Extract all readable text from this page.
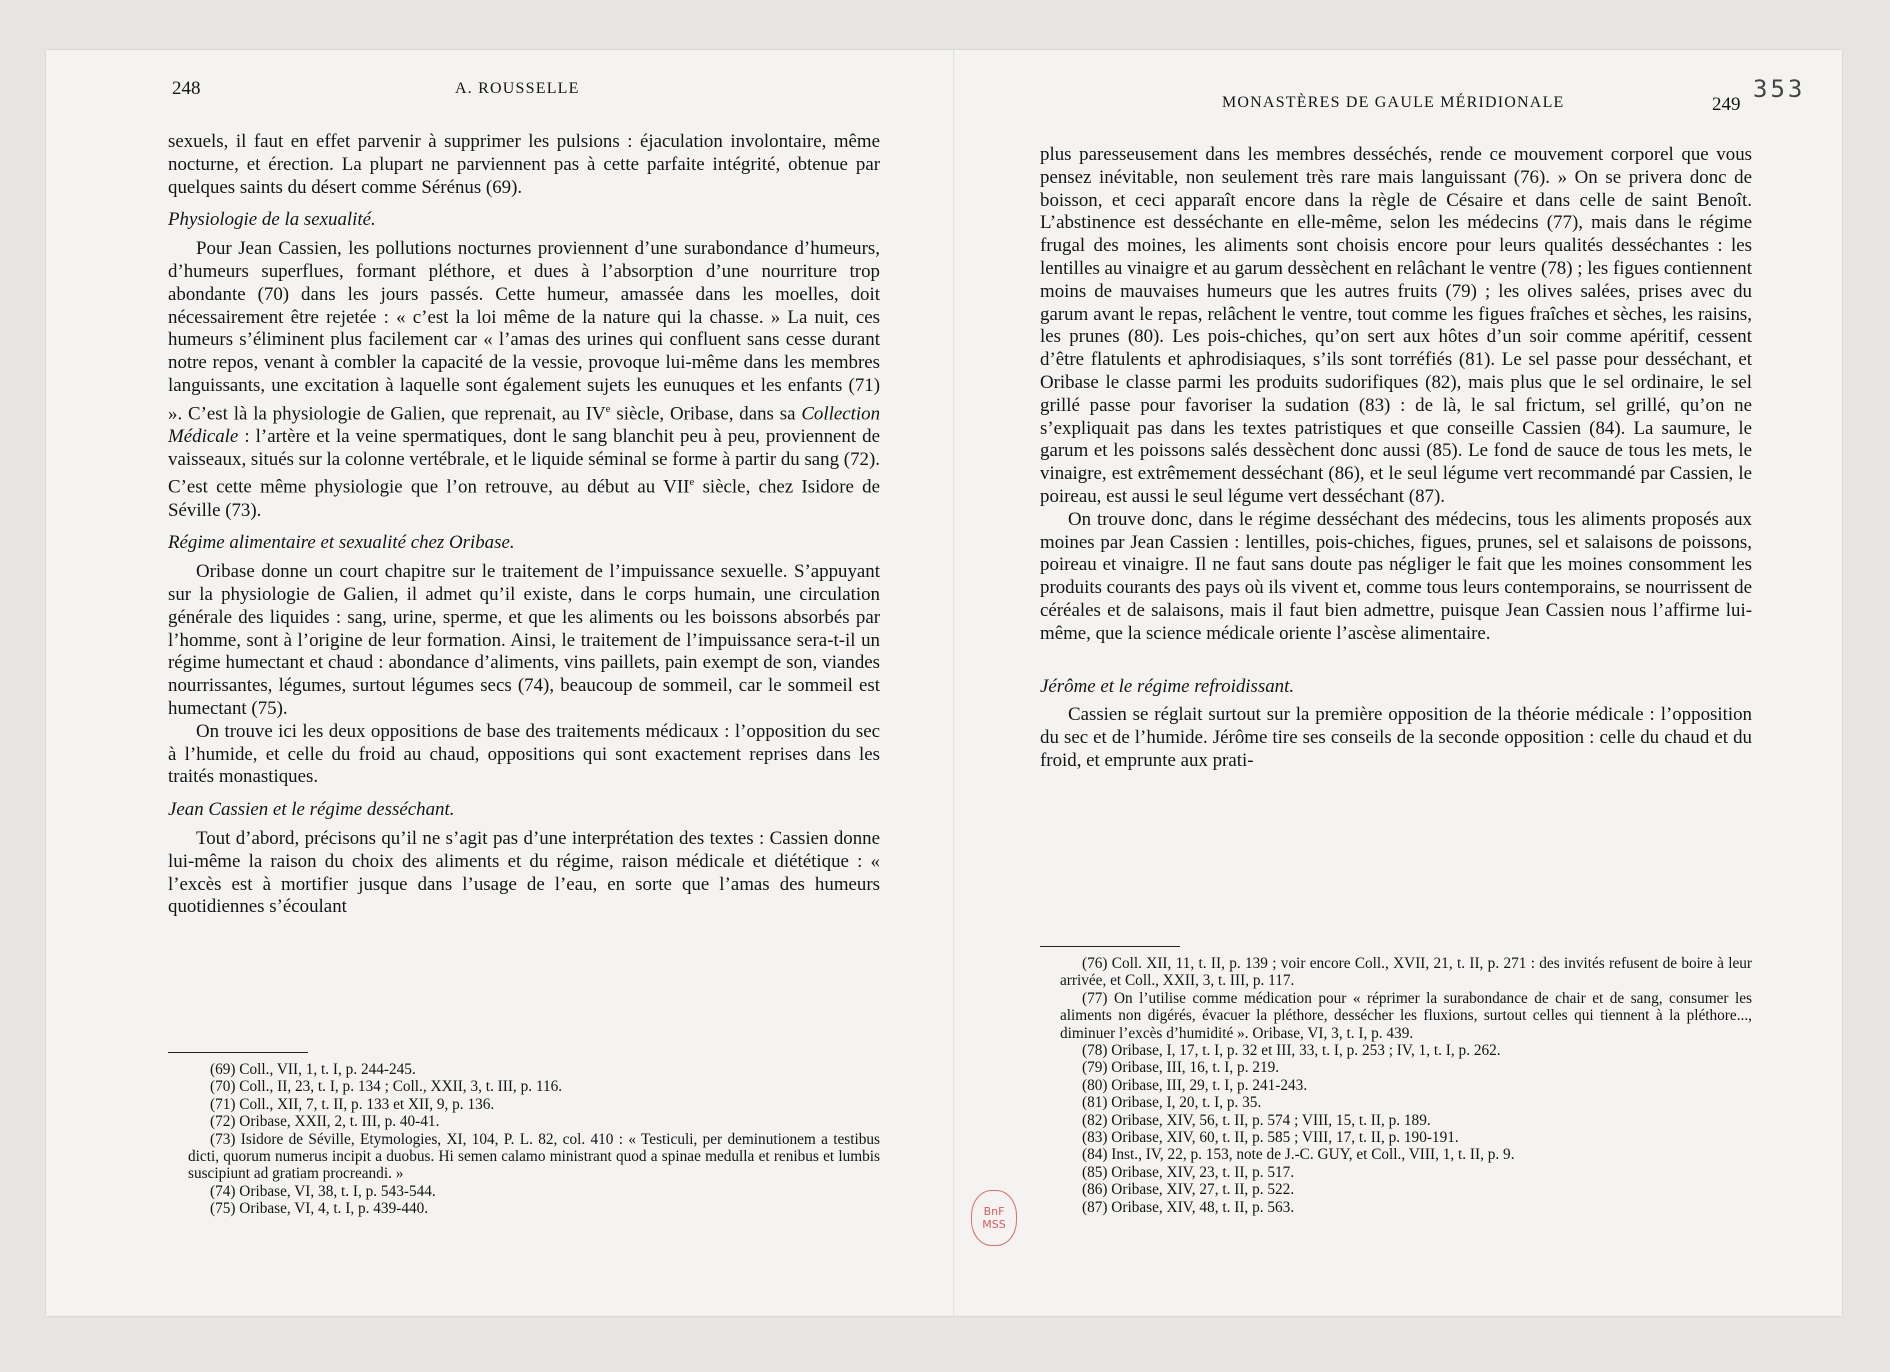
248	A. ROUSSELLE

sexuels, il faut en effet parvenir à supprimer les pulsions : éjaculation involontaire, même nocturne, et érection. La plupart ne parviennent pas à cette parfaite intégrité, obtenue par quelques saints du désert comme Sérénus (69).

Physiologie de la sexualité.

Pour Jean Cassien, les pollutions nocturnes proviennent d’une surabondance d’humeurs, d’humeurs superflues, formant pléthore, et dues à l’absorption d’une nourriture trop abondante (70) dans les jours passés. Cette humeur, amassée dans les moelles, doit nécessairement être rejetée : « c’est la loi même de la nature qui la chasse. » La nuit, ces humeurs s’éliminent plus facilement car « l’amas des urines qui confluent sans cesse durant notre repos, venant à combler la capacité de la vessie, provoque lui-même dans les membres languissants, une excitation à laquelle sont également sujets les eunuques et les enfants (71) ». C’est là la physiologie de Galien, que reprenait, au IVe siècle, Oribase, dans sa Collection Médicale : l’artère et la veine spermatiques, dont le sang blanchit peu à peu, proviennent de vaisseaux, situés sur la colonne vertébrale, et le liquide séminal se forme à partir du sang (72). C’est cette même physiologie que l’on retrouve, au début au VIIe siècle, chez Isidore de Séville (73).

Régime alimentaire et sexualité chez Oribase.

Oribase donne un court chapitre sur le traitement de l’impuissance sexuelle. S’appuyant sur la physiologie de Galien, il admet qu’il existe, dans le corps humain, une circulation générale des liquides : sang, urine, sperme, et que les aliments ou les boissons absorbés par l’homme, sont à l’origine de leur formation. Ainsi, le traitement de l’impuissance sera-t-il un régime humectant et chaud : abondance d’aliments, vins paillets, pain exempt de son, viandes nourrissantes, légumes, surtout légumes secs (74), beaucoup de sommeil, car le sommeil est humectant (75).

On trouve ici les deux oppositions de base des traitements médicaux : l’opposition du sec à l’humide, et celle du froid au chaud, oppositions qui sont exactement reprises dans les traités monastiques.

Jean Cassien et le régime desséchant.

Tout d’abord, précisons qu’il ne s’agit pas d’une interprétation des textes : Cassien donne lui-même la raison du choix des aliments et du régime, raison médicale et diététique : « l’excès est à mortifier jusque dans l’usage de l’eau, en sorte que l’amas des humeurs quotidiennes s’écoulant

(69) Coll., VII, 1, t. I, p. 244-245.

(70) Coll., II, 23, t. I, p. 134 ; Coll., XXII, 3, t. III, p. 116.

(71) Coll., XII, 7, t. II, p. 133 et XII, 9, p. 136.

(72) Oribase, XXII, 2, t. III, p. 40-41.

(73) Isidore de Séville, Etymologies, XI, 104, P. L. 82, col. 410 : « Testiculi, per deminutionem a testibus dicti, quorum numerus incipit a duobus. Hi semen calamo ministrant quod a spinae medulla et renibus et lumbis suscipiunt ad gratiam procreandi. »

(74) Oribase, VI, 38, t. I, p. 543-544.

(75) Oribase, VI, 4, t. I, p. 439-440.

MONASTÈRES DE GAULE MÉRIDIONALE	249
353

plus paresseusement dans les membres desséchés, rende ce mouvement corporel que vous pensez inévitable, non seulement très rare mais languissant (76). » On se privera donc de boisson, et ceci apparaît encore dans la règle de Césaire et dans celle de saint Benoît. L’abstinence est desséchante en elle-même, selon les médecins (77), mais dans le régime frugal des moines, les aliments sont choisis encore pour leurs qualités desséchantes : les lentilles au vinaigre et au garum dessèchent en relâchant le ventre (78) ; les figues contiennent moins de mauvaises humeurs que les autres fruits (79) ; les olives salées, prises avec du garum avant le repas, relâchent le ventre, tout comme les figues fraîches et sèches, les raisins, les prunes (80). Les pois-chiches, qu’on sert aux hôtes d’un soir comme apéritif, cessent d’être flatulents et aphrodisiaques, s’ils sont torréfiés (81). Le sel passe pour desséchant, et Oribase le classe parmi les produits sudorifiques (82), mais plus que le sel ordinaire, le sel grillé passe pour favoriser la sudation (83) : de là, le sal frictum, sel grillé, qu’on ne s’expliquait pas dans les textes patristiques et que conseille Cassien (84). La saumure, le garum et les poissons salés dessèchent donc aussi (85). Le fond de sauce de tous les mets, le vinaigre, est extrêmement desséchant (86), et le seul légume vert recommandé par Cassien, le poireau, est aussi le seul légume vert desséchant (87).

On trouve donc, dans le régime desséchant des médecins, tous les aliments proposés aux moines par Jean Cassien : lentilles, pois-chiches, figues, prunes, sel et salaisons de poissons, poireau et vinaigre. Il ne faut sans doute pas négliger le fait que les moines consomment les produits courants des pays où ils vivent et, comme tous leurs contemporains, se nourrissent de céréales et de salaisons, mais il faut bien admettre, puisque Jean Cassien nous l’affirme lui-même, que la science médicale oriente l’ascèse alimentaire.

Jérôme et le régime refroidissant.

Cassien se réglait surtout sur la première opposition de la théorie médicale : l’opposition du sec et de l’humide. Jérôme tire ses conseils de la seconde opposition : celle du chaud et du froid, et emprunte aux prati-

(76) Coll. XII, 11, t. II, p. 139 ; voir encore Coll., XVII, 21, t. II, p. 271 : des invités refusent de boire à leur arrivée, et Coll., XXII, 3, t. III, p. 117.

(77) On l’utilise comme médication pour « réprimer la surabondance de chair et de sang, consumer les aliments non digérés, évacuer la pléthore, dessécher les fluxions, surtout celles qui tiennent à la pléthore..., diminuer l’excès d’humidité ». Oribase, VI, 3, t. I, p. 439.

(78) Oribase, I, 17, t. I, p. 32 et III, 33, t. I, p. 253 ; IV, 1, t. I, p. 262.

(79) Oribase, III, 16, t. I, p. 219.

(80) Oribase, III, 29, t. I, p. 241-243.

(81) Oribase, I, 20, t. I, p. 35.

(82) Oribase, XIV, 56, t. II, p. 574 ; VIII, 15, t. II, p. 189.

(83) Oribase, XIV, 60, t. II, p. 585 ; VIII, 17, t. II, p. 190-191.

(84) Inst., IV, 22, p. 153, note de J.-C. GUY, et Coll., VIII, 1, t. II, p. 9.

(85) Oribase, XIV, 23, t. II, p. 517.

(86) Oribase, XIV, 27, t. II, p. 522.

(87) Oribase, XIV, 48, t. II, p. 563.

BnF
MSS
